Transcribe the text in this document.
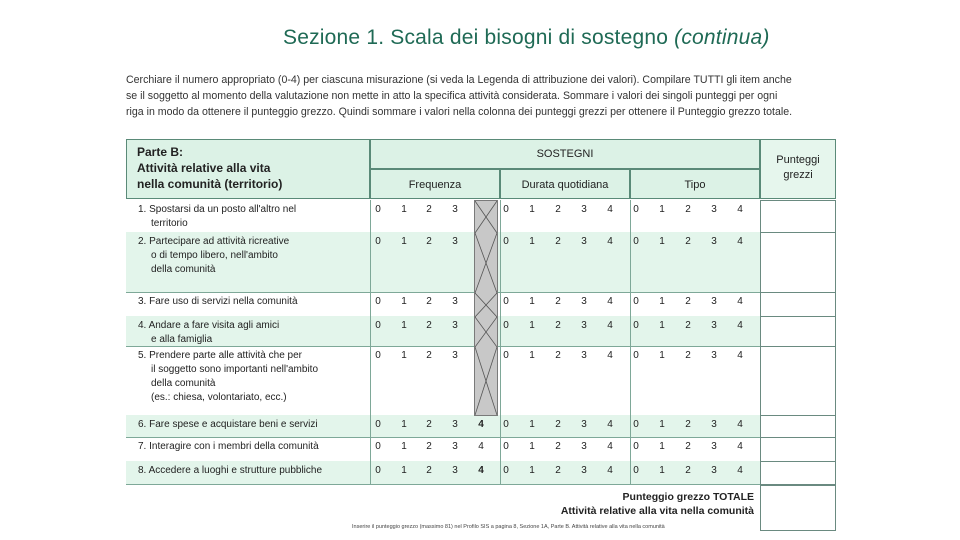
Sezione 1. Scala dei bisogni di sostegno (continua)

Cerchiare il numero appropriato (0-4) per ciascuna misurazione (si veda la Legenda di attribuzione dei valori). Compilare TUTTI gli item anche

se il soggetto al momento della valutazione non mette in atto la specifica attività considerata. Sommare i valori dei singoli punteggi per ogni

riga in modo da ottenere il punteggio grezzo. Quindi sommare i valori nella colonna dei punteggi grezzi per ottenere il Punteggio grezzo totale.

Parte B:
Attività relative alla vita
nella comunità (territorio)
SOSTEGNI
Frequenza	Durata quotidiana	Tipo
Punteggi
grezzi
1. Spostarsi da un posto all'altro nel
territorio
0	1	2	3	0	1	2	3	4	0	1	2	3	4
2. Partecipare ad attività ricreative
o di tempo libero, nell'ambito
della comunità
0	1	2	3	0	1	2	3	4	0	1	2	3	4
3. Fare uso di servizi nella comunità	0	1	2	3	0	1	2	3	4	0	1	2	3	4
4. Andare a fare visita agli amici
e alla famiglia
0	1	2	3	0	1	2	3	4	0	1	2	3	4
5. Prendere parte alle attività che per
il soggetto sono importanti nell'ambito
della comunità
(es.: chiesa, volontariato, ecc.)
0	1	2	3	0	1	2	3	4	0	1	2	3	4
6. Fare spese e acquistare beni e servizi	0	1	2	3	4	0	1	2	3	4	0	1	2	3	4
7. Interagire con i membri della comunità	0	1	2	3	4	0	1	2	3	4	0	1	2	3	4
8. Accedere a luoghi e strutture pubbliche	0	1	2	3	4	0	1	2	3	4	0	1	2	3	4
Punteggio grezzo TOTALE
Attività relative alla vita nella comunità
Inserire il punteggio grezzo (massimo 81) nel Profilo SIS a pagina 8, Sezione 1A, Parte B. Attività relative alla vita nella comunità
